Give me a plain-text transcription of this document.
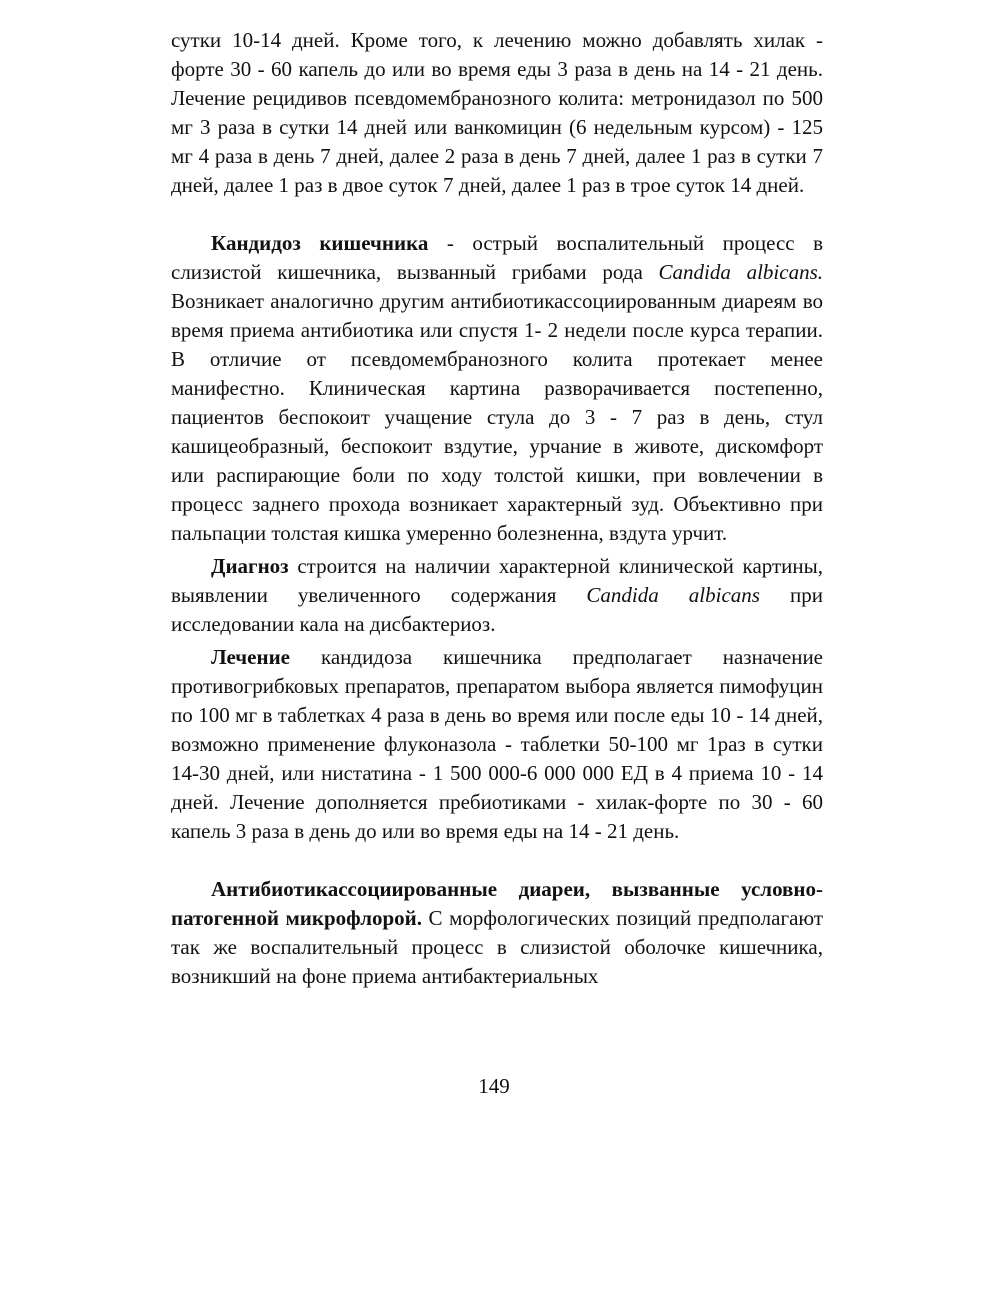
сутки 10-14 дней. Кроме того, к лечению можно добавлять хилак - форте 30 - 60 капель до или во время еды 3 раза в день на 14 - 21 день. Лечение рецидивов псевдомембранозного колита: метронидазол по 500 мг 3 раза в сутки 14 дней или ванкомицин (6 недельным курсом) - 125 мг 4 раза в день 7 дней, далее 2 раза в день 7 дней, далее 1 раз в сутки 7 дней, далее 1 раз в двое суток 7 дней, далее 1 раз в трое суток 14 дней.

Кандидоз кишечника - острый воспалительный процесс в слизистой кишечника, вызванный грибами рода Candida albicans. Возникает аналогично другим антибиотикассоциированным диареям во время приема антибиотика или спустя 1- 2 недели после курса терапии. В отличие от псевдомембранозного колита протекает менее манифестно. Клиническая картина разворачивается постепенно, пациентов беспокоит учащение стула до 3 - 7 раз в день, стул кашицеобразный, беспокоит вздутие, урчание в животе, дискомфорт или распирающие боли по ходу толстой кишки, при вовлечении в процесс заднего прохода возникает характерный зуд. Объективно при пальпации толстая кишка умеренно болезненна, вздута урчит.

Диагноз строится на наличии характерной клинической картины, выявлении увеличенного содержания Candida albicans при исследовании кала на дисбактериоз.

Лечение кандидоза кишечника предполагает назначение противогрибковых препаратов, препаратом выбора является пимофуцин по 100 мг в таблетках 4 раза в день во время или после еды 10 - 14 дней, возможно применение флуконазола - таблетки 50-100 мг 1раз в сутки 14-30 дней, или нистатина - 1 500 000-6 000 000 ЕД в 4 приема 10 - 14 дней. Лечение дополняется пребиотиками - хилак-форте по 30 - 60 капель 3 раза в день до или во время еды на 14 - 21 день.

Антибиотикассоциированные диареи, вызванные условно-патогенной микрофлорой. С морфологических позиций предполагают так же воспалительный процесс в слизистой оболочке кишечника, возникший на фоне приема антибактериальных

149
